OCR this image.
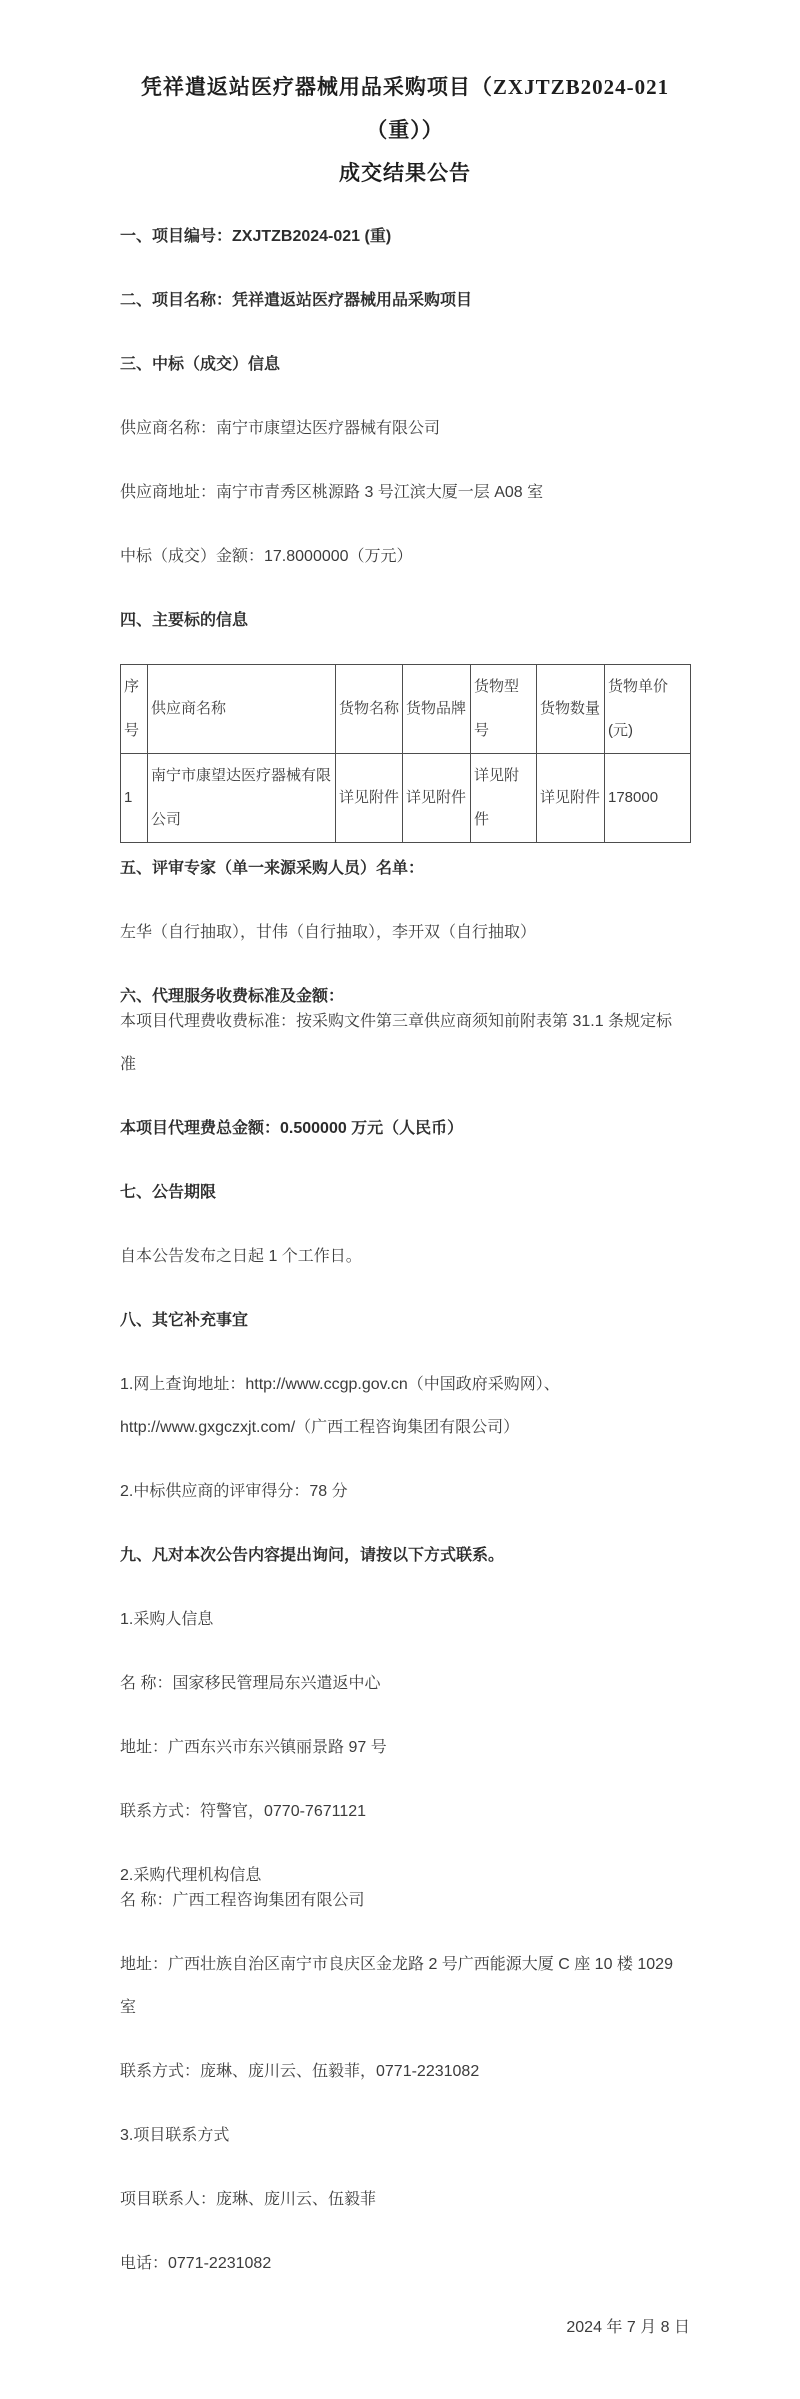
凭祥遣返站医疗器械用品采购项目（ZXJTZB2024-021（重））
成交结果公告
一、项目编号：ZXJTZB2024-021 (重)
二、项目名称：凭祥遣返站医疗器械用品采购项目
三、中标（成交）信息
供应商名称：南宁市康望达医疗器械有限公司
供应商地址：南宁市青秀区桃源路 3 号江滨大厦一层 A08 室
中标（成交）金额：17.8000000（万元）
四、主要标的信息
序号	供应商名称	货物名称	货物品牌	货物型号	货物数量	货物单价(元)
1	南宁市康望达医疗器械有限公司	详见附件	详见附件	详见附件	详见附件	178000
五、评审专家（单一来源采购人员）名单：
左华（自行抽取），甘伟（自行抽取），李开双（自行抽取）
六、代理服务收费标准及金额：
本项目代理费收费标准：按采购文件第三章供应商须知前附表第 31.1 条规定标
准
本项目代理费总金额：0.500000 万元（人民币）
七、公告期限
自本公告发布之日起 1 个工作日。
八、其它补充事宜
1.网上查询地址：http://www.ccgp.gov.cn（中国政府采购网）、
http://www.gxgczxjt.com/（广西工程咨询集团有限公司）
2.中标供应商的评审得分：78 分
九、凡对本次公告内容提出询问，请按以下方式联系。
1.采购人信息
名 称：国家移民管理局东兴遣返中心
地址：广西东兴市东兴镇丽景路 97 号
联系方式：符警官，0770-7671121
2.采购代理机构信息
名 称：广西工程咨询集团有限公司
地址：广西壮族自治区南宁市良庆区金龙路 2 号广西能源大厦 C 座 10 楼 1029
室
联系方式：庞琳、庞川云、伍毅菲，0771-2231082
3.项目联系方式
项目联系人：庞琳、庞川云、伍毅菲
电话：0771-2231082
2024 年 7 月 8 日
